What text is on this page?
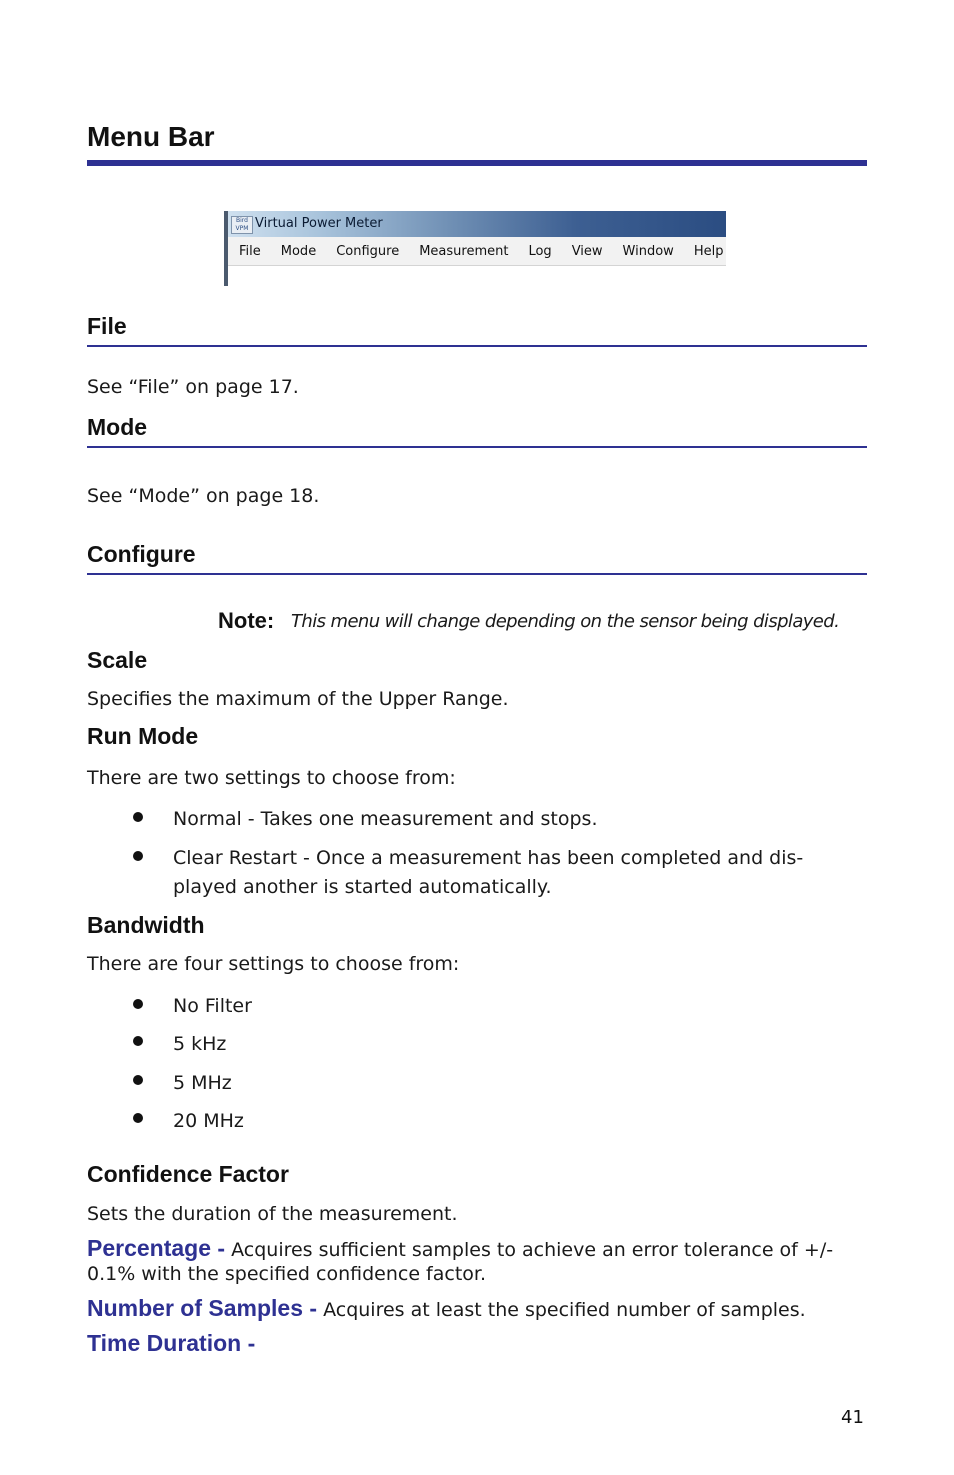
Menu Bar
Bird VPM Virtual Power Meter
File	Mode	Configure	Measurement	Log	View	Window	Help
File
See “File” on page 17.
Mode
See “Mode” on page 18.
Configure
Note: This menu will change depending on the sensor being displayed.
Scale
Specifies the maximum of the Upper Range.
Run Mode
There are two settings to choose from:
Normal - Takes one measurement and stops.
Clear Restart - Once a measurement has been completed and dis-
played another is started automatically.
Bandwidth
There are four settings to choose from:
No Filter
5 kHz
5 MHz
20 MHz
Confidence Factor
Sets the duration of the measurement.
Percentage - Acquires sufficient samples to achieve an error tolerance of +/-
0.1% with the specified confidence factor.
Number of Samples - Acquires at least the specified number of samples.
Time Duration -
41
